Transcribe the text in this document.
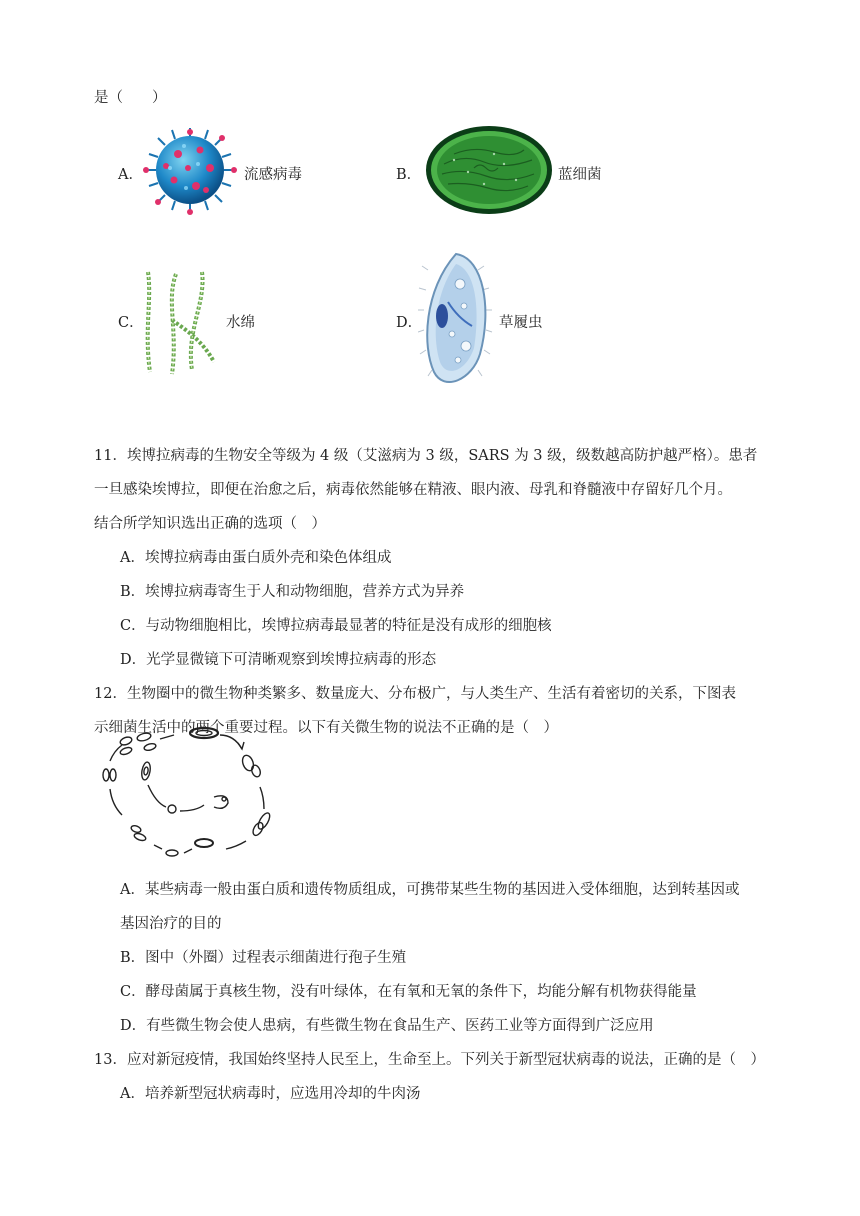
是（　　）
A．	流感病毒	B．	蓝细菌
C．	水绵	D．	草履虫
11．埃博拉病毒的生物安全等级为 4 级（艾滋病为 3 级，SARS 为 3 级，级数越高防护越严格）。患者
一旦感染埃博拉，即便在治愈之后，病毒依然能够在精液、眼内液、母乳和脊髓液中存留好几个月。
结合所学知识选出正确的选项（　）
A．埃博拉病毒由蛋白质外壳和染色体组成
B．埃博拉病毒寄生于人和动物细胞，营养方式为异养
C．与动物细胞相比，埃博拉病毒最显著的特征是没有成形的细胞核
D．光学显微镜下可清晰观察到埃博拉病毒的形态
12．生物圈中的微生物种类繁多、数量庞大、分布极广，与人类生产、生活有着密切的关系，下图表
示细菌生活中的两个重要过程。以下有关微生物的说法不正确的是（　）
A．某些病毒一般由蛋白质和遗传物质组成，可携带某些生物的基因进入受体细胞，达到转基因或
基因治疗的目的
B．图中（外圈）过程表示细菌进行孢子生殖
C．酵母菌属于真核生物，没有叶绿体，在有氧和无氧的条件下，均能分解有机物获得能量
D．有些微生物会使人患病，有些微生物在食品生产、医药工业等方面得到广泛应用
13．应对新冠疫情，我国始终坚持人民至上，生命至上。下列关于新型冠状病毒的说法，正确的是（　）
A．培养新型冠状病毒时，应选用冷却的牛肉汤
